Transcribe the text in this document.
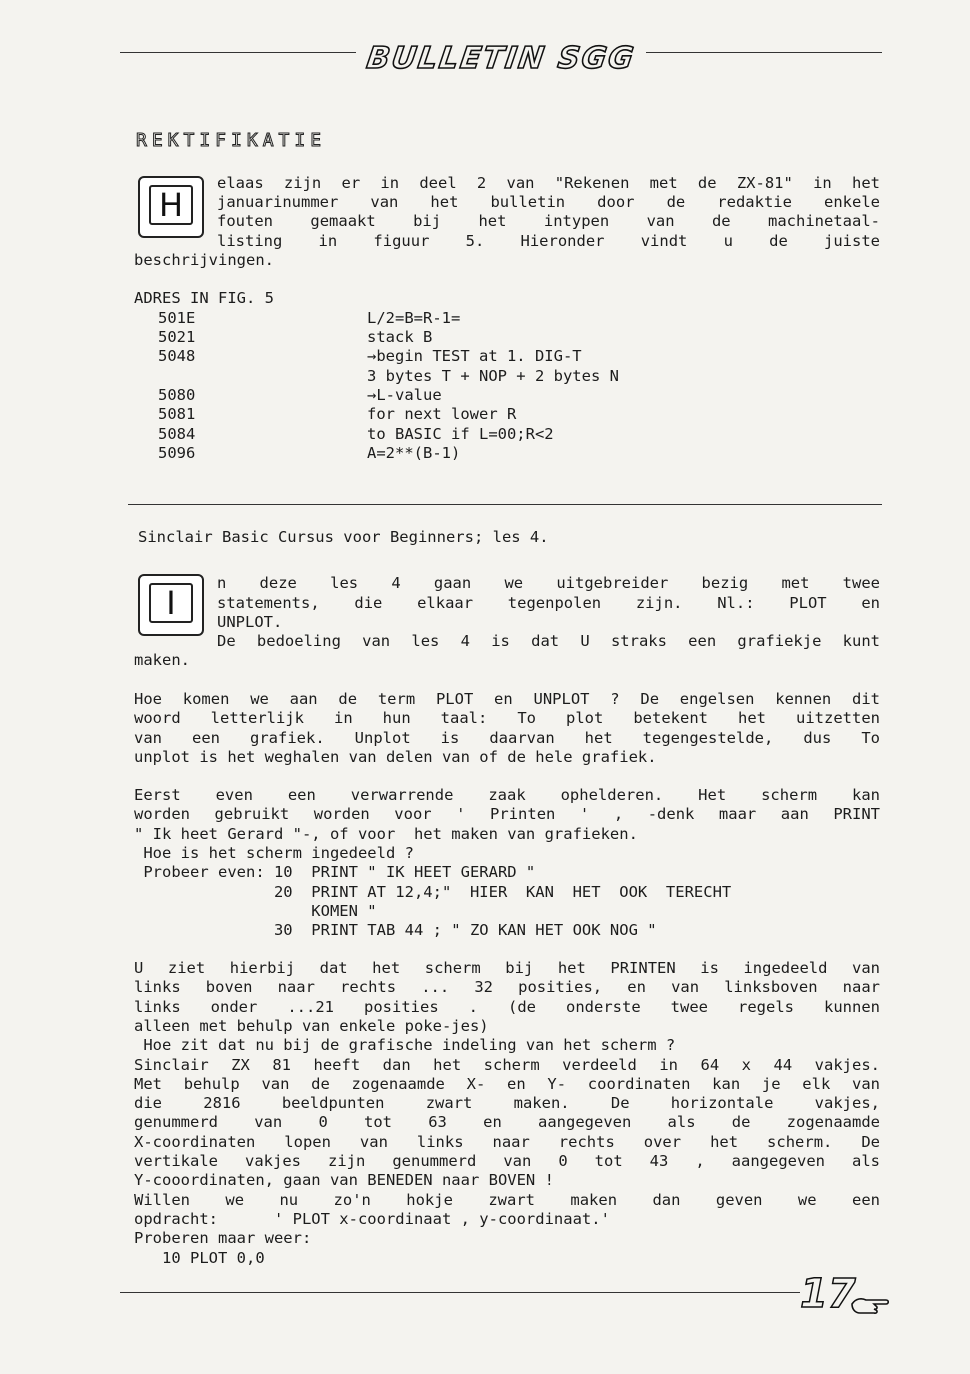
BULLETIN SGG
REKTIFIKATIE
H
elaas zijn er in deel 2 van "Rekenen met de ZX-81" in het
januarinummer van het bulletin door de redaktie enkele
fouten gemaakt bij het intypen van de machinetaal-
listing in figuur 5. Hieronder vindt u de juiste
beschrijvingen.
ADRES IN FIG. 5
501E	L/2=B=R-1=
5021	stack B
5048	→begin TEST at 1. DIG-T
3 bytes T + NOP + 2 bytes N
5080	→L-value
5081	for next lower R
5084	to BASIC if L=00;R<2
5096	A=2**(B-1)
Sinclair Basic Cursus voor Beginners; les 4.
I
n deze les 4 gaan we uitgebreider bezig met twee
statements, die elkaar tegenpolen zijn. Nl.: PLOT en
UNPLOT.
De bedoeling van les 4 is dat U straks een grafiekje kunt
maken.
Hoe komen we aan de term PLOT en UNPLOT ? De engelsen kennen dit
woord letterlijk in hun taal: To plot betekent het uitzetten
van een grafiek. Unplot is daarvan het tegengestelde, dus To
unplot is het weghalen van delen van of de hele grafiek.
Eerst even een verwarrende zaak ophelderen. Het scherm kan
worden gebruikt worden voor ' Printen ' , -denk maar aan PRINT
" Ik heet Gerard "-, of voor  het maken van grafieken.
Hoe is het scherm ingedeeld ?
Probeer even: 10  PRINT " IK HEET GERARD "
20  PRINT AT 12,4;"  HIER  KAN  HET  OOK  TERECHT
KOMEN "
30  PRINT TAB 44 ; " ZO KAN HET OOK NOG "
U ziet hierbij dat het scherm bij het PRINTEN is ingedeeld van
links boven naar rechts ... 32 posities, en van linksboven naar
links onder ...21 posities . (de onderste twee regels kunnen
alleen met behulp van enkele poke-jes)
Hoe zit dat nu bij de grafische indeling van het scherm ?
Sinclair ZX 81 heeft dan het scherm verdeeld in 64 x 44 vakjes.
Met behulp van de zogenaamde X- en Y- coordinaten kan je elk van
die 2816 beeldpunten zwart maken. De horizontale vakjes,
genummerd van 0 tot 63 en aangegeven als de zogenaamde
X-coordinaten lopen van links naar rechts over het scherm. De
vertikale vakjes zijn genummerd van 0 tot 43 , aangegeven als
Y-cooordinaten, gaan van BENEDEN naar BOVEN !
Willen we nu zo'n hokje zwart maken dan geven we een
opdracht:      ' PLOT x-coordinaat , y-coordinaat.'
Proberen maar weer:
10 PLOT 0,0
17
